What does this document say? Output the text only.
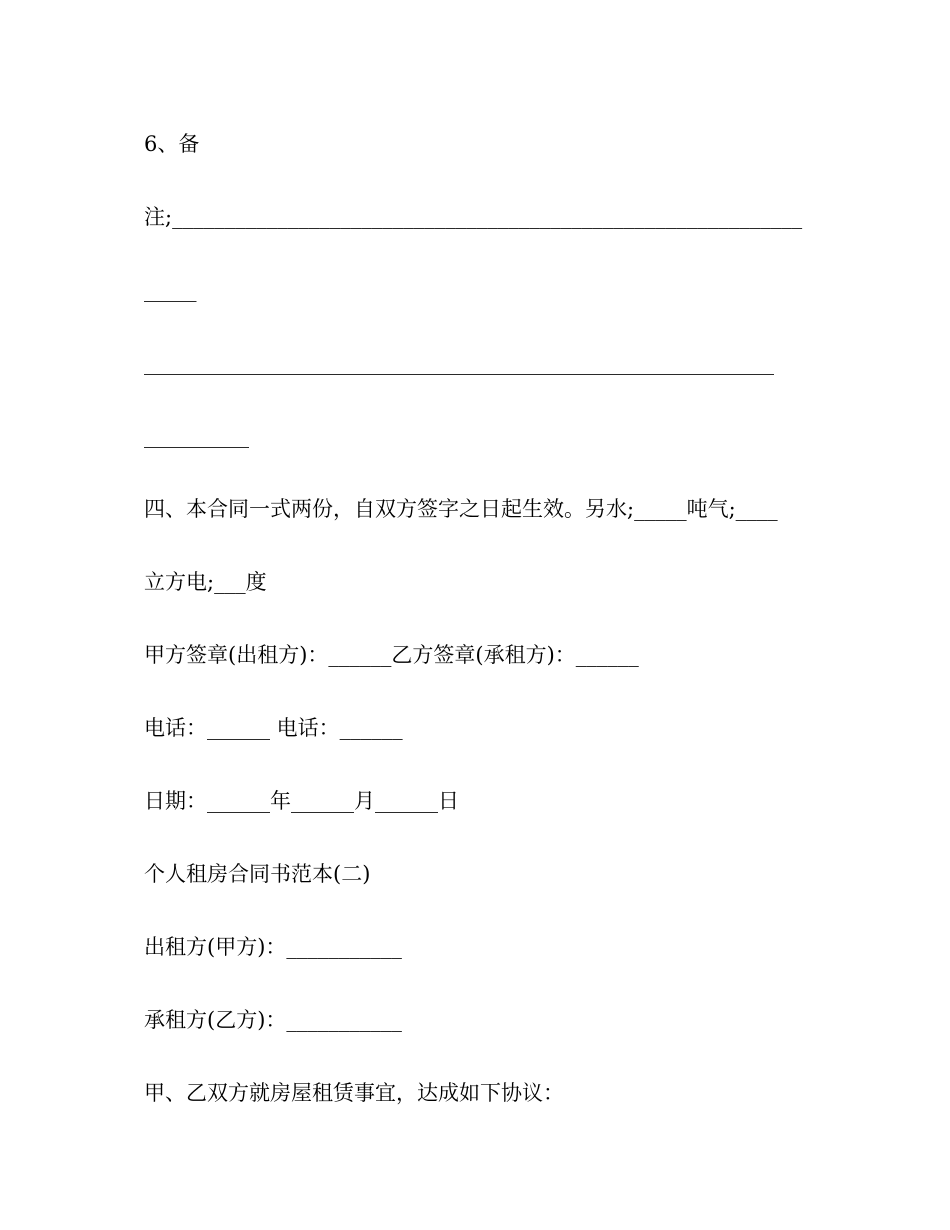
6、备
注;____________________________________________________________
_____
____________________________________________________________
__________
四、本合同一式两份，自双方签字之日起生效。另水;_____吨气;____
立方电;___度
甲方签章(出租方)：______乙方签章(承租方)：______
电话：______ 电话：______
日期：______年______月______日
个人租房合同书范本(二)
出租方(甲方)：___________
承租方(乙方)：___________
甲、乙双方就房屋租赁事宜，达成如下协议：
